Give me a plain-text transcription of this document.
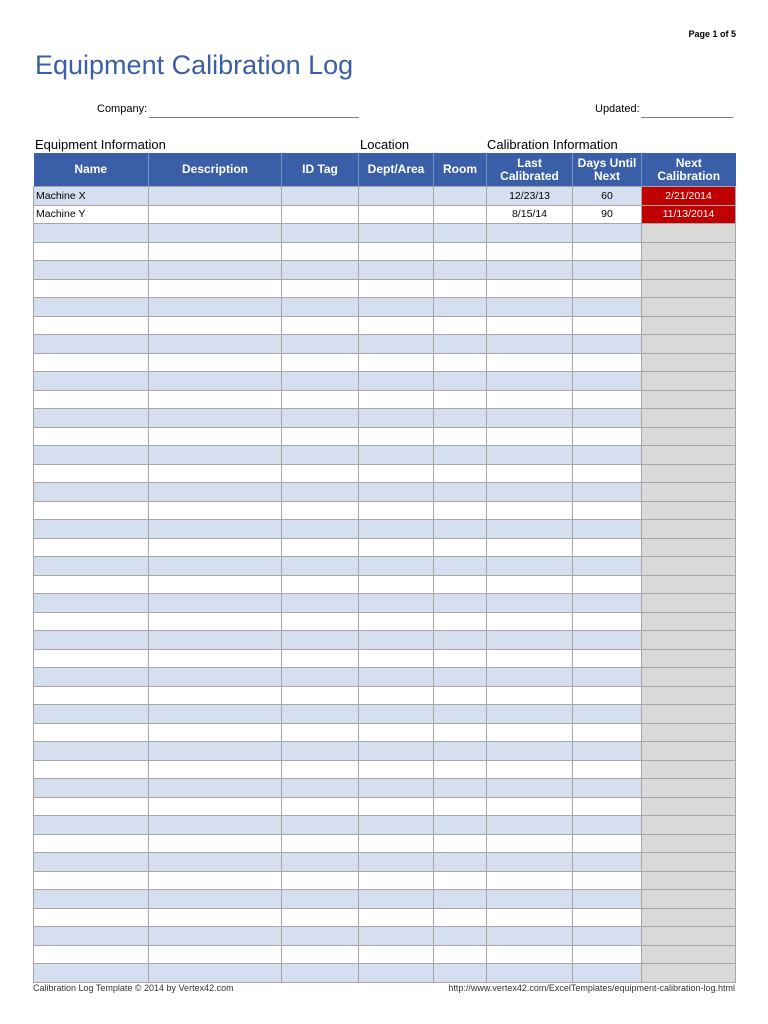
Page 1 of 5
Equipment Calibration Log
Company:	Updated:
Equipment Information	Location	Calibration Information
Name	Description	ID Tag	Dept/Area	Room	Last Calibrated	Days Until Next	Next Calibration
Machine X					12/23/13	60	2/21/2014
Machine Y					8/15/14	90	11/13/2014

Calibration Log Template © 2014 by Vertex42.com	http://www.vertex42.com/ExcelTemplates/equipment-calibration-log.html
